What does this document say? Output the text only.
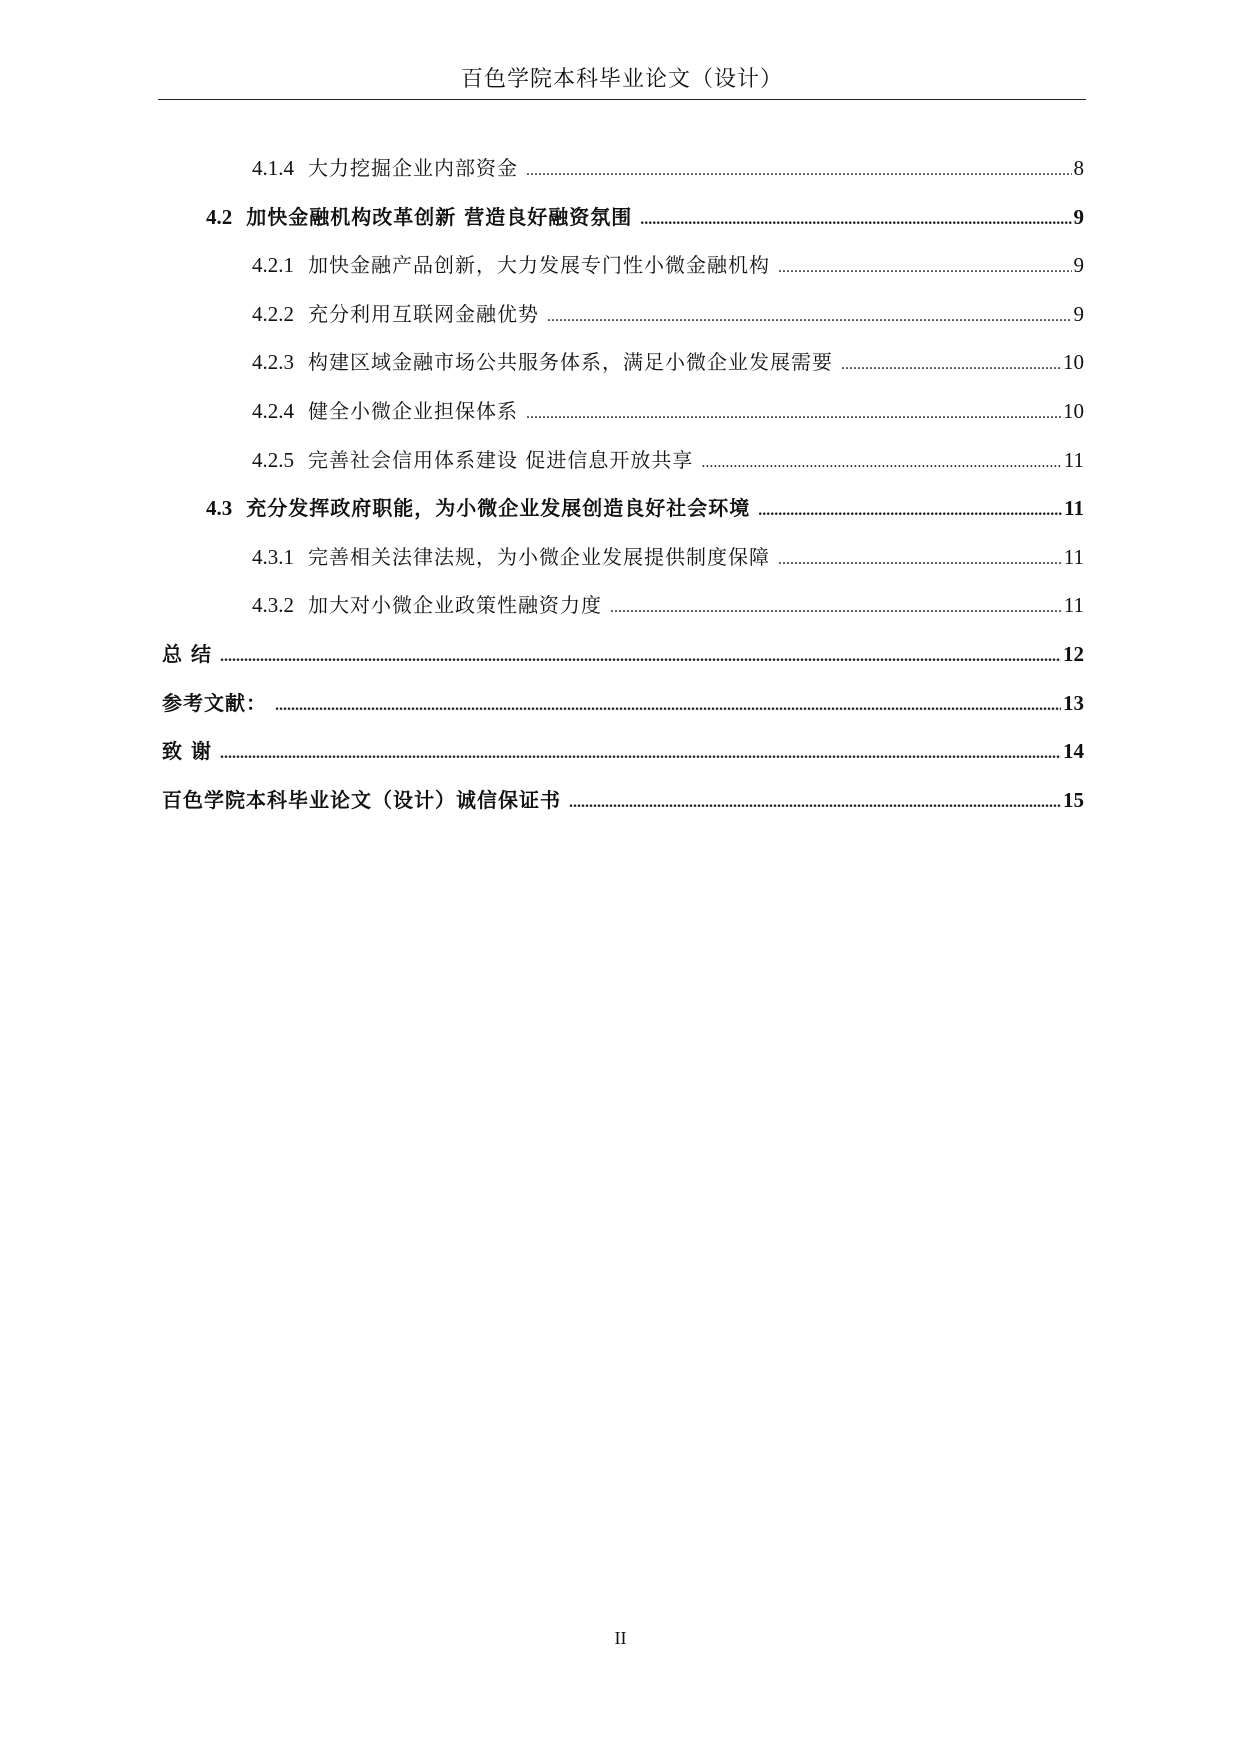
百色学院本科毕业论文（设计）
4.1.4 大力挖掘企业内部资金 .....	8
4.2 加快金融机构改革创新 营造良好融资氛围 .....	9
4.2.1 加快金融产品创新，大力发展专门性小微金融机构 .....	9
4.2.2 充分利用互联网金融优势 .....	9
4.2.3 构建区域金融市场公共服务体系，满足小微企业发展需要 .....	10
4.2.4 健全小微企业担保体系 .....	10
4.2.5 完善社会信用体系建设 促进信息开放共享 .....	11
4.3 充分发挥政府职能，为小微企业发展创造良好社会环境 .....	11
4.3.1 完善相关法律法规，为小微企业发展提供制度保障 .....	11
4.3.2 加大对小微企业政策性融资力度 .....	11
总 结 .....	12
参考文献： .....	13
致 谢 .....	14
百色学院本科毕业论文（设计）诚信保证书 .....	15
II
